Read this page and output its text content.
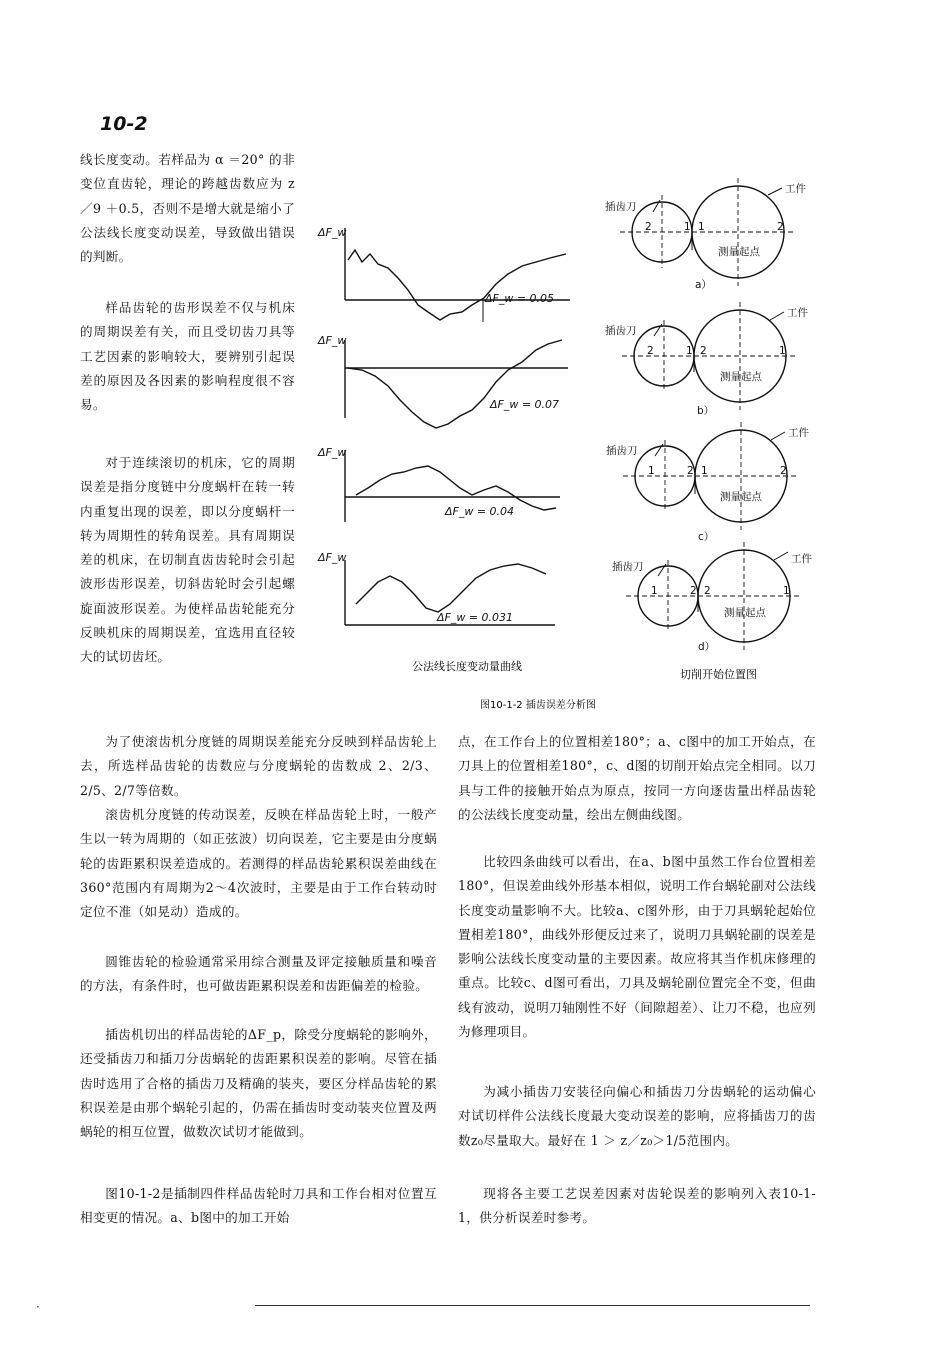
10-2

线长度变动。若样品为 α ＝20° 的非变位直齿轮，理论的跨越齿数应为 z／9 ＋0.5，否则不是增大就是缩小了公法线长度变动误差，导致做出错误的判断。

样品齿轮的齿形误差不仅与机床的周期误差有关，而且受切齿刀具等工艺因素的影响较大，要辨别引起误差的原因及各因素的影响程度很不容易。

对于连续滚切的机床，它的周期误差是指分度链中分度蜗杆在转一转内重复出现的误差，即以分度蜗杆一转为周期性的转角误差。具有周期误差的机床，在切制直齿齿轮时会引起波形齿形误差，切斜齿轮时会引起螺旋面波形误差。为使样品齿轮能充分反映机床的周期误差，宜选用直径较大的试切齿坯。

ΔF_w
ΔF_w = 0.05
ΔF_w
ΔF_w = 0.07
ΔF_w
ΔF_w = 0.04
ΔF_w
ΔF_w = 0.031
公法线长度变动量曲线
插齿刀
工件
测量起点
a）
2	1 1	2
插齿刀
工件
测量起点
b）
2	1 2	1
插齿刀
工件
测量起点
c）
1	2 1	2
插齿刀
工件
测量起点
d）
1	2 2	1
切削开始位置图
图10-1-2 插齿误差分析图

为了使滚齿机分度链的周期误差能充分反映到样品齿轮上去，所选样品齿轮的齿数应与分度蜗轮的齿数成 2、2/3、2/5、2/7等倍数。

滚齿机分度链的传动误差，反映在样品齿轮上时，一般产生以一转为周期的（如正弦波）切向误差，它主要是由分度蜗轮的齿距累积误差造成的。若测得的样品齿轮累积误差曲线在360°范围内有周期为2～4次波时，主要是由于工作台转动时定位不准（如晃动）造成的。

圆锥齿轮的检验通常采用综合测量及评定接触质量和噪音的方法，有条件时，也可做齿距累积误差和齿距偏差的检验。

插齿机切出的样品齿轮的ΔF_p，除受分度蜗轮的影响外，还受插齿刀和插刀分齿蜗轮的齿距累积误差的影响。尽管在插齿时选用了合格的插齿刀及精确的装夹，要区分样品齿轮的累积误差是由那个蜗轮引起的，仍需在插齿时变动装夹位置及两蜗轮的相互位置，做数次试切才能做到。

图10-1-2是插制四件样品齿轮时刀具和工作台相对位置互相变更的情况。a、b图中的加工开始

点，在工作台上的位置相差180°；a、c图中的加工开始点，在刀具上的位置相差180°，c、d图的切削开始点完全相同。以刀具与工件的接触开始点为原点，按同一方向逐齿量出样品齿轮的公法线长度变动量，绘出左侧曲线图。

比较四条曲线可以看出，在a、b图中虽然工作台位置相差180°，但误差曲线外形基本相似，说明工作台蜗轮副对公法线长度变动量影响不大。比较a、c图外形，由于刀具蜗轮起始位置相差180°，曲线外形便反过来了，说明刀具蜗轮副的误差是影响公法线长度变动量的主要因素。故应将其当作机床修理的重点。比较c、d图可看出，刀具及蜗轮副位置完全不变，但曲线有波动，说明刀轴刚性不好（间隙超差）、让刀不稳，也应列为修理项目。

为减小插齿刀安装径向偏心和插齿刀分齿蜗轮的运动偏心对试切样件公法线长度最大变动误差的影响，应将插齿刀的齿数z₀尽量取大。最好在 1 ＞ z／z₀＞1/5范围内。

现将各主要工艺误差因素对齿轮误差的影响列入表10-1-1，供分析误差时参考。

·
